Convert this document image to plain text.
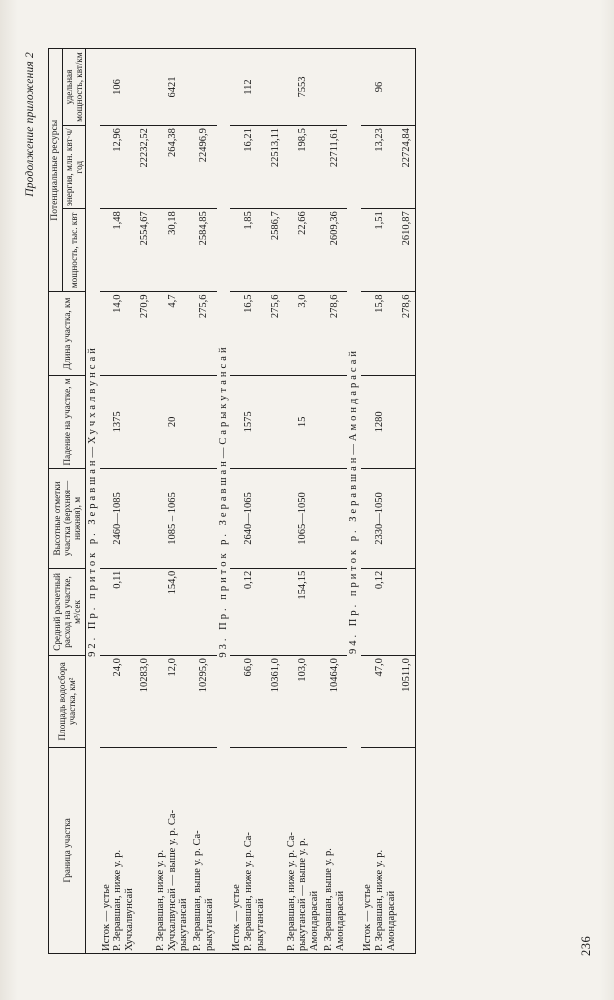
Продолжение приложения 2
236
Граница участка	Площадь водосбора участка, км²	Средний расчетный расход на участке, м³/сек	Высотные отметки участка (верхняя— нижняя), м	Падение на участке, м	Длина участка, км	Потенциальные ресурсы		
						мощность, тыс. квт	энергия, млн. квт·ч/год	удельная мощность, квт/км
92. Пр. приток р. Зеравшан—Хучхалвунсай								
Исток — устье
Р. Зеравшан, ниже у. р.
Хучхалвунсай	24,0	0,11	2460—1085	1375	14,0	1,48	12,96	106
	10283,0				270,9	2554,67	22232,52	
Р. Зеравшан, ниже у. р.
Хучхалвунсай — выше у. р. Са-
рыкутансай	12,0	154,0	1085 – 1065	20	4,7	30,18	264,38	6421
Р. Зеравшан, выше у. р. Са-
рыкутансай	10295,0				275,6	2584,85	22496,9	
93. Пр. приток р. Зеравшан—Сарыкутансай								
Исток — устье
Р. Зеравшан, ниже у. р. Са-
рыкутансай	66,0	0,12	2640—1065	1575	16,5	1,85	16,21	112
	10361,0				275,6	2586,7	22513,11	
Р. Зеравшан, ниже у. р. Са-
рыкутансай — выше у. р.
Амондарасай	103,0	154,15	1065—1050	15	3,0	22,66	198,5	7553
Р. Зеравшан, выше у. р.
Амондарасай	10464,0				278,6	2609,36	22711,61	
94. Пр. приток р. Зеравшан—Амондарасай								
Исток — устье
Р. Зеравшан, ниже у. р.
Амондарасай	47,0	0,12	2330—1050	1280	15,8	1,51	13,23	96
	10511,0				278,6	2610,87	22724,84	
